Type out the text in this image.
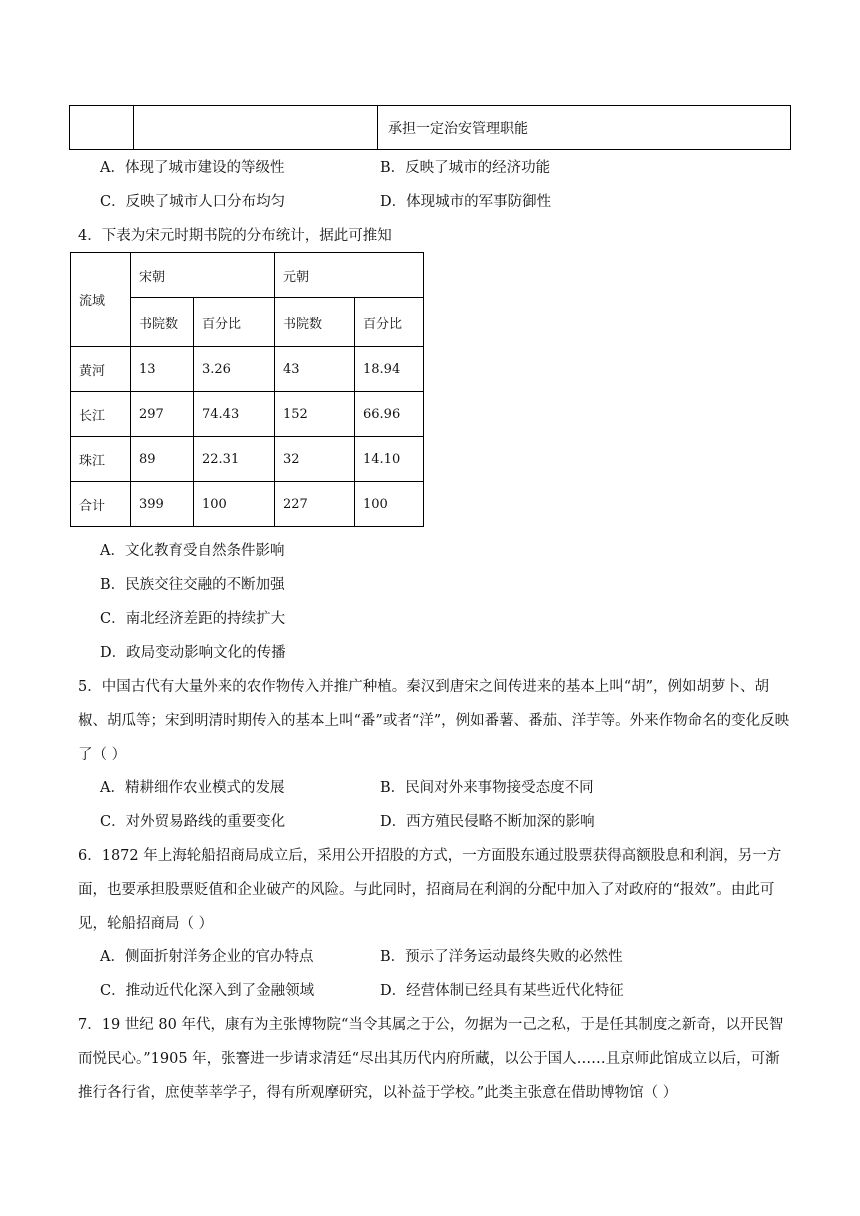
		承担一定治安管理职能
A．体现了城市建设的等级性	B．反映了城市的经济功能
C．反映了城市人口分布均匀	D．体现城市的军事防御性
4．下表为宋元时期书院的分布统计，据此可推知
流域	宋朝		元朝	
	书院数	百分比	书院数	百分比
黄河	13	3.26	43	18.94
长江	297	74.43	152	66.96
珠江	89	22.31	32	14.10
合计	399	100	227	100
A．文化教育受自然条件影响
B．民族交往交融的不断加强
C．南北经济差距的持续扩大
D．政局变动影响文化的传播
5．中国古代有大量外来的农作物传入并推广种植。秦汉到唐宋之间传进来的基本上叫“胡”，例如胡萝卜、胡椒、胡瓜等；宋到明清时期传入的基本上叫“番”或者“洋”，例如番薯、番茄、洋芋等。外来作物命名的变化反映了（ ）
A．精耕细作农业模式的发展	B．民间对外来事物接受态度不同
C．对外贸易路线的重要变化	D．西方殖民侵略不断加深的影响
6．1872 年上海轮船招商局成立后，采用公开招股的方式，一方面股东通过股票获得高额股息和利润，另一方面，也要承担股票贬值和企业破产的风险。与此同时，招商局在利润的分配中加入了对政府的“报效”。由此可见，轮船招商局（ ）
A．侧面折射洋务企业的官办特点	B．预示了洋务运动最终失败的必然性
C．推动近代化深入到了金融领域	D．经营体制已经具有某些近代化特征
7．19 世纪 80 年代，康有为主张博物院“当令其属之于公，勿据为一己之私，于是任其制度之新奇，以开民智而悦民心。”1905 年，张謇进一步请求清廷“尽出其历代内府所藏，以公于国人……且京师此馆成立以后，可渐推行各行省，庶使莘莘学子，得有所观摩研究，以补益于学校。”此类主张意在借助博物馆（ ）
